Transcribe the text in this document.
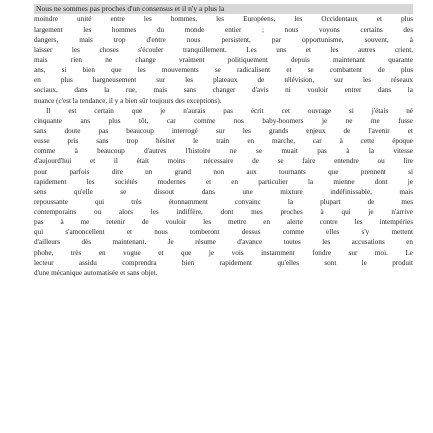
Nous ne sommes pas proches d'un consensus et il n'y a plus la
moindre unité entre les hommes, les Européens, les Occidentaux et plus
largement les hommes du monde entier ; nous voyons certains des
dangers, mais trop d'entre nous persistent, par opportunisme, souvent, à
laisser les choses s'écouler tranquillement. Les uns et les autres crient,
mais rien ne change vraiment politiquement depuis maintenant quarante
ans, si bien que les mouvements se radicalisent et se combattent de plus
en plus hargneusement sur les plateaux de télévision, sur les réseaux
sociaux, dans la rue, mais sans changer d'avis ni vouloir entrer dans la
nuance (c'est la tendance, il y a bien sûr toujours des exceptions).
Il est certain que je n'aurais pas écrit cet ouvrage si j'étais né
cinquante ans plus tôt, car comme nos baby-boomers je ne me fusse
sans doute pas beaucoup interrogé sur les grands enjeux de l'avenir et
eusse pris sans trop hésiter le train en marche, car à cette époque
comme à beaucoup d'autres l'histoire ne se muait pas à la vitesse
d'aujourd'hui et il était moins nécessaire de se faire entendre ou lire
pour parfois dire un grand non aux tournants que prennent si
rapidement les sociétés modernes et en particulier la mienne dont je
sens qu'elle se dissout dans une mixture indéfinissable, mais
repoussante qui très étonnamment convainc la plupart de mes
contemporains ou alors les indiffère, dont mes proches à qui je n'arrive
pas à me retenir de vouloir les mettre en alerte contre les intempéries
qui s'amoncellent et nous tomberont dessus comme elles s'y mettent
d'ailleurs dès maintenant. Je résume d'avance toutes les accusations en
phobe, très en vogue et que je vois instamment fondre sur moi. Le
lecteur assidu comprendra bien rapidement qu'elles sont le produit
d'une mécanique automatisée et sans objet.
